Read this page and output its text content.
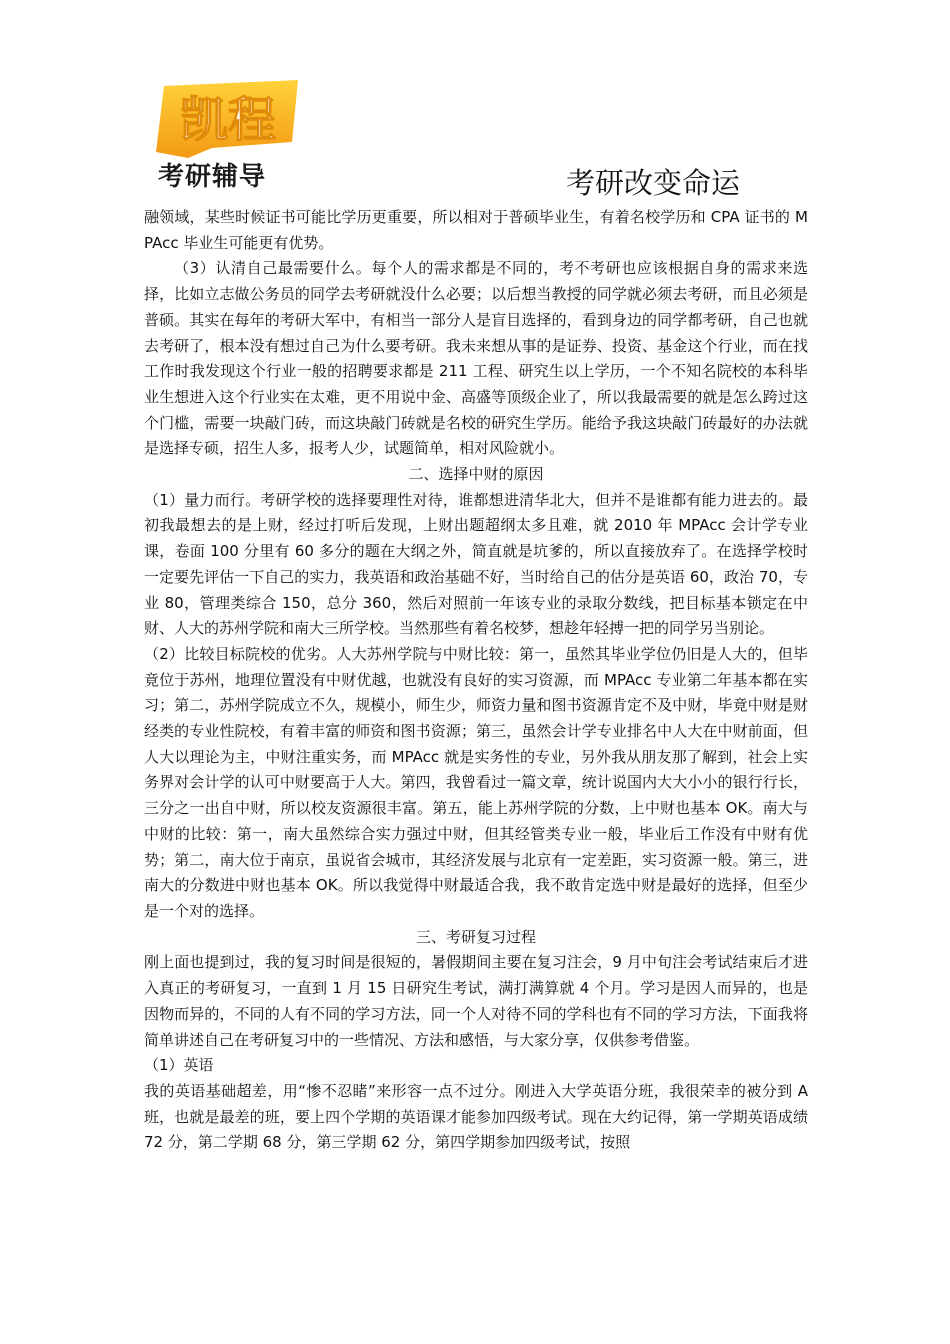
凯程
考研辅导	考研改变命运

融领域，某些时候证书可能比学历更重要，所以相对于普硕毕业生，有着名校学历和 CPA 证书的 MPAcc 毕业生可能更有优势。

（3）认清自己最需要什么。每个人的需求都是不同的，考不考研也应该根据自身的需求来选择，比如立志做公务员的同学去考研就没什么必要；以后想当教授的同学就必须去考研，而且必须是普硕。其实在每年的考研大军中，有相当一部分人是盲目选择的，看到身边的同学都考研，自己也就去考研了，根本没有想过自己为什么要考研。我未来想从事的是证券、投资、基金这个行业，而在找工作时我发现这个行业一般的招聘要求都是 211 工程、研究生以上学历，一个不知名院校的本科毕业生想进入这个行业实在太难，更不用说中金、高盛等顶级企业了，所以我最需要的就是怎么跨过这个门槛，需要一块敲门砖，而这块敲门砖就是名校的研究生学历。能给予我这块敲门砖最好的办法就是选择专硕，招生人多，报考人少，试题简单，相对风险就小。

二、选择中财的原因

（1）量力而行。考研学校的选择要理性对待，谁都想进清华北大，但并不是谁都有能力进去的。最初我最想去的是上财，经过打听后发现，上财出题超纲太多且难，就 2010 年 MPAcc 会计学专业课，卷面 100 分里有 60 多分的题在大纲之外，简直就是坑爹的，所以直接放弃了。在选择学校时一定要先评估一下自己的实力，我英语和政治基础不好，当时给自己的估分是英语 60，政治 70，专业 80，管理类综合 150，总分 360，然后对照前一年该专业的录取分数线，把目标基本锁定在中财、人大的苏州学院和南大三所学校。当然那些有着名校梦，想趁年轻搏一把的同学另当别论。

（2）比较目标院校的优劣。人大苏州学院与中财比较：第一，虽然其毕业学位仍旧是人大的，但毕竟位于苏州，地理位置没有中财优越，也就没有良好的实习资源，而 MPAcc 专业第二年基本都在实习；第二，苏州学院成立不久，规模小，师生少，师资力量和图书资源肯定不及中财，毕竟中财是财经类的专业性院校，有着丰富的师资和图书资源；第三，虽然会计学专业排名中人大在中财前面，但人大以理论为主，中财注重实务，而 MPAcc 就是实务性的专业，另外我从朋友那了解到，社会上实务界对会计学的认可中财要高于人大。第四，我曾看过一篇文章，统计说国内大大小小的银行行长，三分之一出自中财，所以校友资源很丰富。第五，能上苏州学院的分数，上中财也基本 OK。南大与中财的比较：第一，南大虽然综合实力强过中财，但其经管类专业一般，毕业后工作没有中财有优势；第二，南大位于南京，虽说省会城市，其经济发展与北京有一定差距，实习资源一般。第三，进南大的分数进中财也基本 OK。所以我觉得中财最适合我，我不敢肯定选中财是最好的选择，但至少是一个对的选择。

三、考研复习过程

刚上面也提到过，我的复习时间是很短的，暑假期间主要在复习注会，9 月中旬注会考试结束后才进入真正的考研复习，一直到 1 月 15 日研究生考试，满打满算就 4 个月。学习是因人而异的，也是因物而异的，不同的人有不同的学习方法，同一个人对待不同的学科也有不同的学习方法，下面我将简单讲述自己在考研复习中的一些情况、方法和感悟，与大家分享，仅供参考借鉴。

（1）英语

我的英语基础超差，用“惨不忍睹”来形容一点不过分。刚进入大学英语分班，我很荣幸的被分到 A 班，也就是最差的班，要上四个学期的英语课才能参加四级考试。现在大约记得，第一学期英语成绩 72 分，第二学期 68 分，第三学期 62 分，第四学期参加四级考试，按照
